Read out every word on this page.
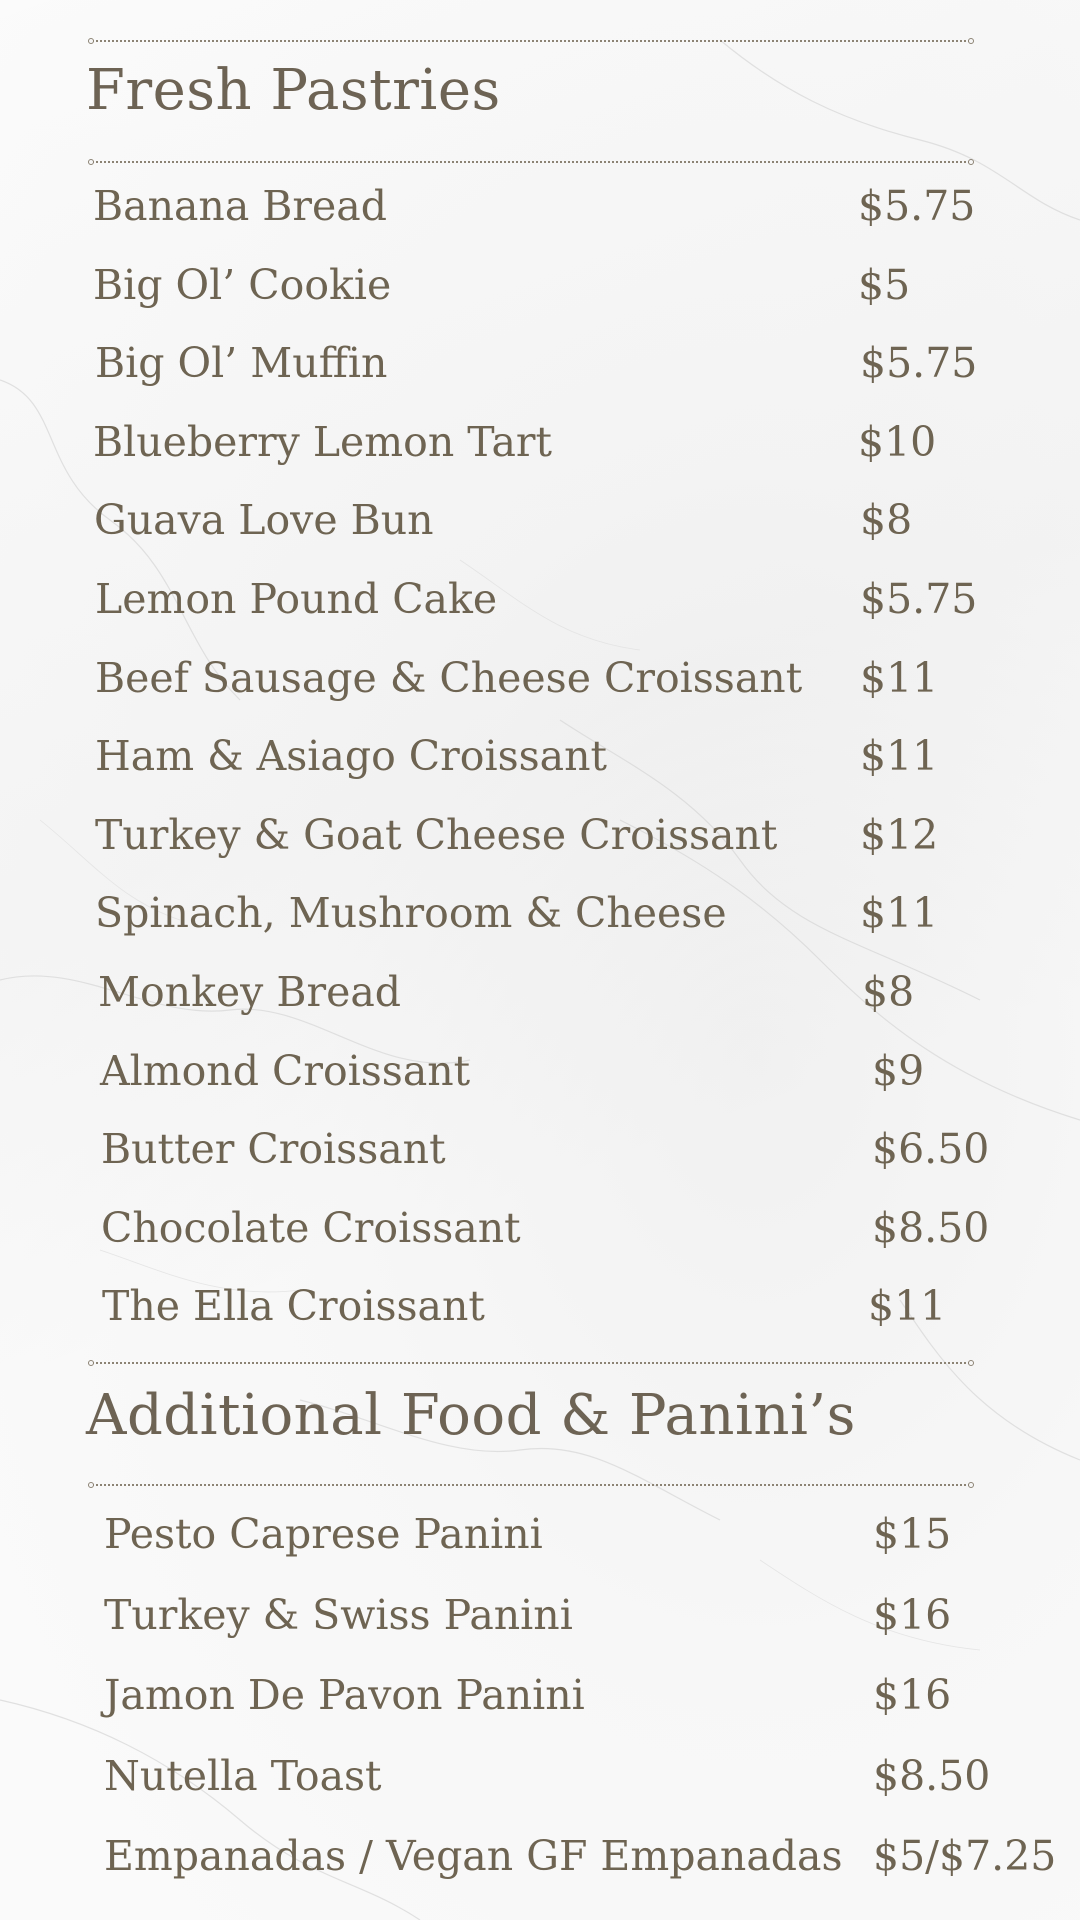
Fresh Pastries
Banana Bread	$5.75
Big Ol’ Cookie	$5
Big Ol’ Muffin	$5.75
Blueberry Lemon Tart	$10
Guava Love Bun	$8
Lemon Pound Cake	$5.75
Beef Sausage & Cheese Croissant $11
Ham & Asiago Croissant	$11
Turkey & Goat Cheese Croissant $12
Spinach, Mushroom & Cheese	$11
Monkey Bread	$8
Almond Croissant	$9
Butter Croissant	$6.50
Chocolate Croissant	$8.50
The Ella Croissant	$11
Additional Food & Panini’s
Pesto Caprese Panini	$15
Turkey & Swiss Panini	$16
Jamon De Pavon Panini	$16
Nutella Toast	$8.50
Empanadas / Vegan GF Empanadas $5/$7.25
